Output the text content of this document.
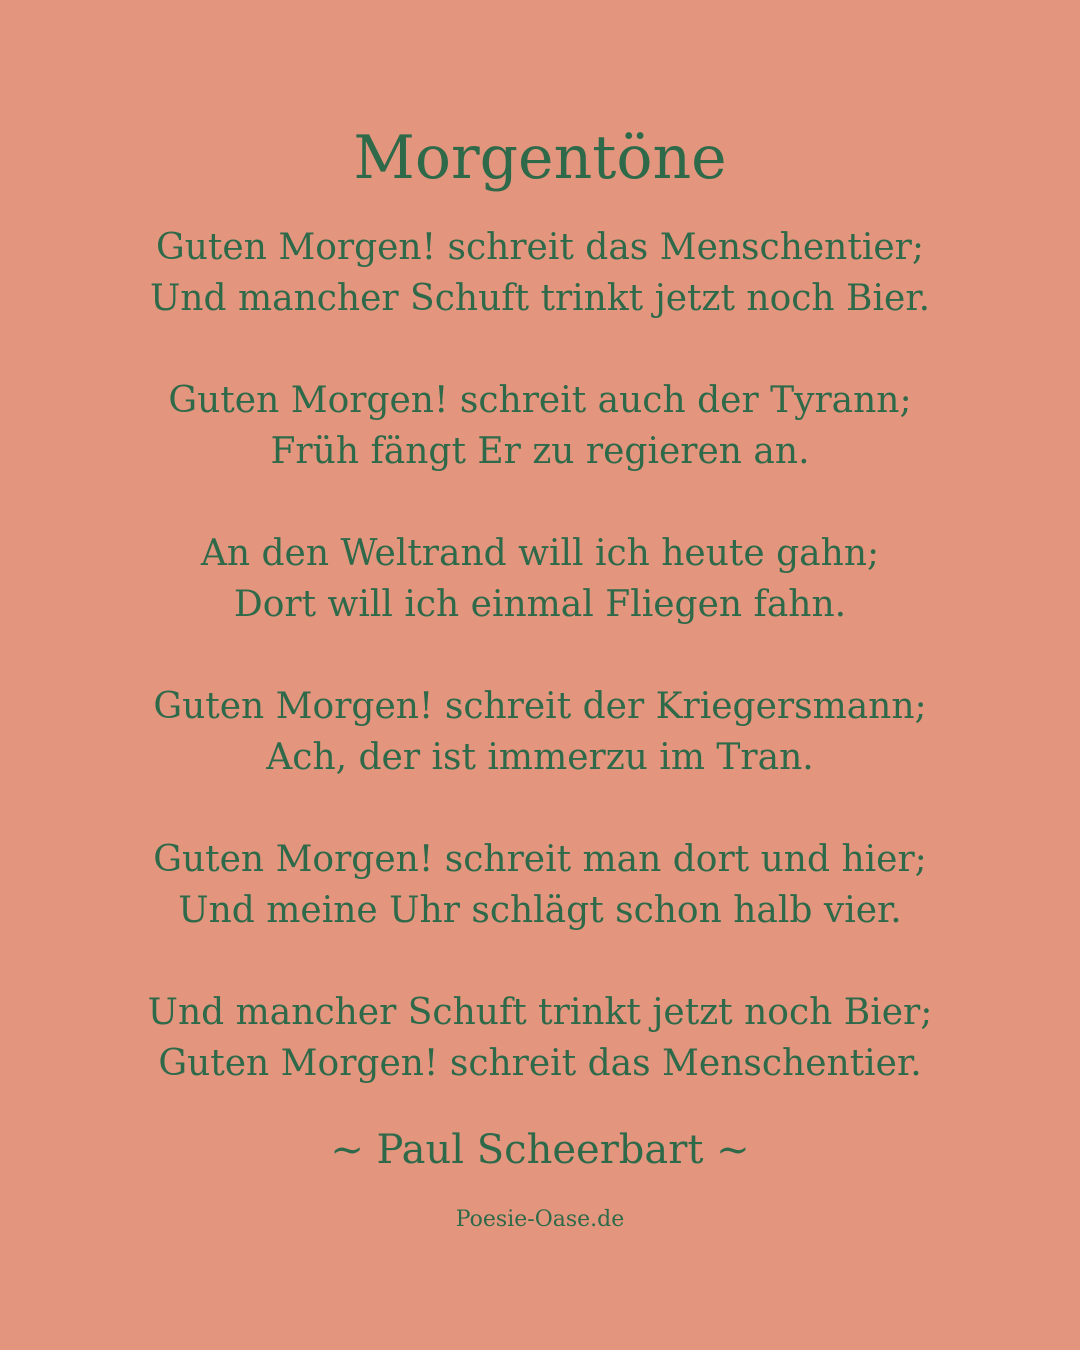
Morgentöne
Guten Morgen! schreit das Menschentier;
Und mancher Schuft trinkt jetzt noch Bier.
Guten Morgen! schreit auch der Tyrann;
Früh fängt Er zu regieren an.
An den Weltrand will ich heute gahn;
Dort will ich einmal Fliegen fahn.
Guten Morgen! schreit der Kriegersmann;
Ach, der ist immerzu im Tran.
Guten Morgen! schreit man dort und hier;
Und meine Uhr schlägt schon halb vier.
Und mancher Schuft trinkt jetzt noch Bier;
Guten Morgen! schreit das Menschentier.
~ Paul Scheerbart ~
Poesie-Oase.de
